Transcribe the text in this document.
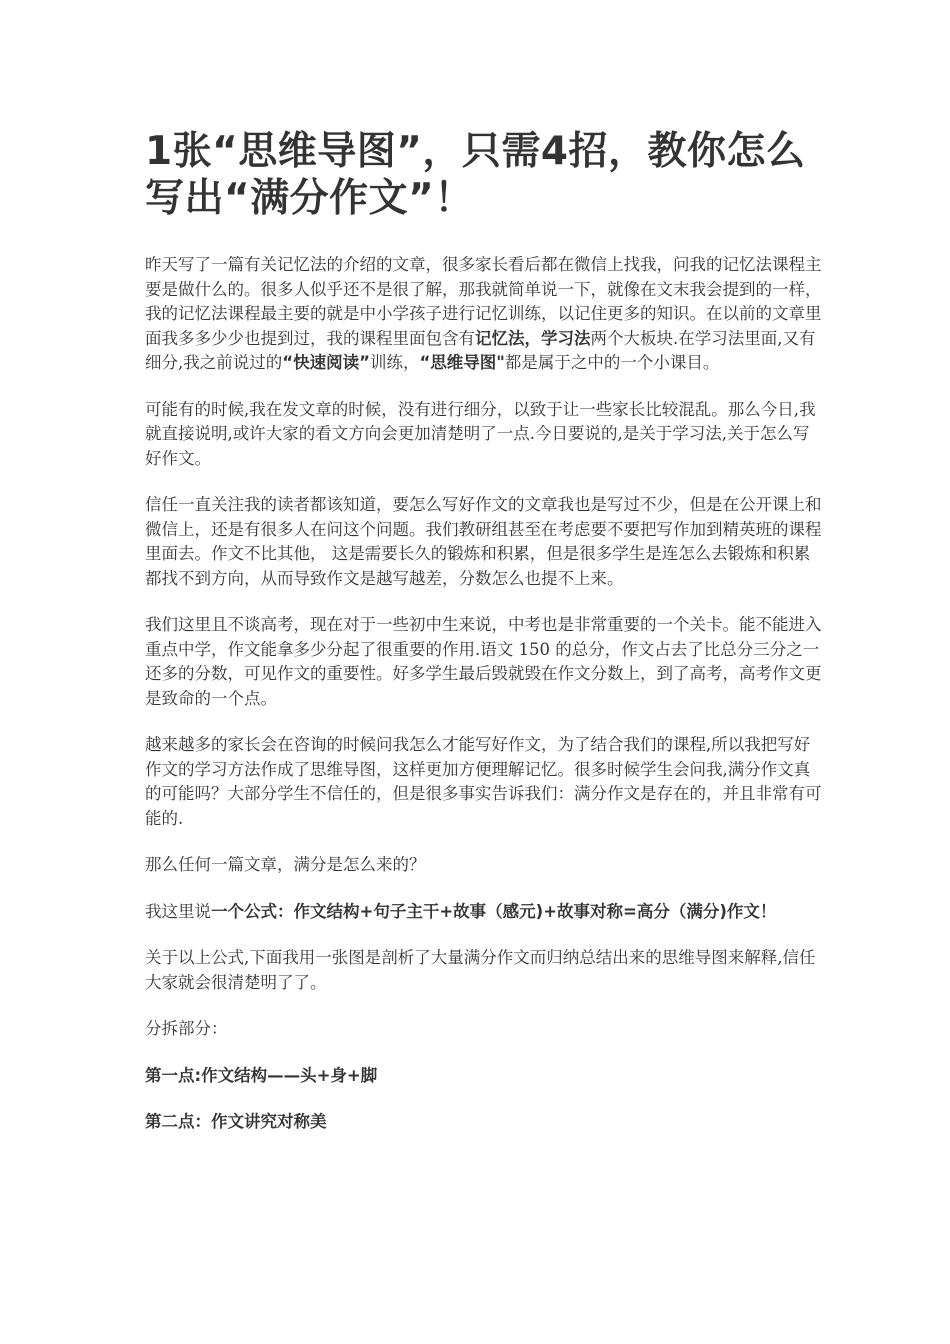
1张“思维导图”，只需4招，教你怎么写出“满分作文”！

昨天写了一篇有关记忆法的介绍的文章，很多家长看后都在微信上找我，问我的记忆法课程主要是做什么的。很多人似乎还不是很了解，那我就简单说一下，就像在文末我会提到的一样，我的记忆法课程最主要的就是中小学孩子进行记忆训练，以记住更多的知识。在以前的文章里面我多多少少也提到过，我的课程里面包含有记忆法，学习法两个大板块.在学习法里面,又有细分,我之前说过的“快速阅读”训练，“思维导图"都是属于之中的一个小课目。

可能有的时候,我在发文章的时候，没有进行细分，以致于让一些家长比较混乱。那么今日,我就直接说明,或许大家的看文方向会更加清楚明了一点.今日要说的,是关于学习法,关于怎么写好作文。

信任一直关注我的读者都该知道，要怎么写好作文的文章我也是写过不少，但是在公开课上和微信上，还是有很多人在问这个问题。我们教研组甚至在考虑要不要把写作加到精英班的课程里面去。作文不比其他， 这是需要长久的锻炼和积累，但是很多学生是连怎么去锻炼和积累都找不到方向，从而导致作文是越写越差，分数怎么也提不上来。

我们这里且不谈高考，现在对于一些初中生来说，中考也是非常重要的一个关卡。能不能进入重点中学，作文能拿多少分起了很重要的作用.语文 150 的总分，作文占去了比总分三分之一还多的分数，可见作文的重要性。好多学生最后毁就毁在作文分数上，到了高考，高考作文更是致命的一个点。

越来越多的家长会在咨询的时候问我怎么才能写好作文，为了结合我们的课程,所以我把写好作文的学习方法作成了思维导图，这样更加方便理解记忆。很多时候学生会问我,满分作文真的可能吗？大部分学生不信任的，但是很多事实告诉我们：满分作文是存在的，并且非常有可能的.

那么任何一篇文章，满分是怎么来的？

我这里说一个公式：作文结构+句子主干+故事（感元)+故事对称=高分（满分)作文！

关于以上公式,下面我用一张图是剖析了大量满分作文而归纳总结出来的思维导图来解释,信任大家就会很清楚明了了。

分拆部分：

第一点:作文结构——头+身+脚

第二点：作文讲究对称美
